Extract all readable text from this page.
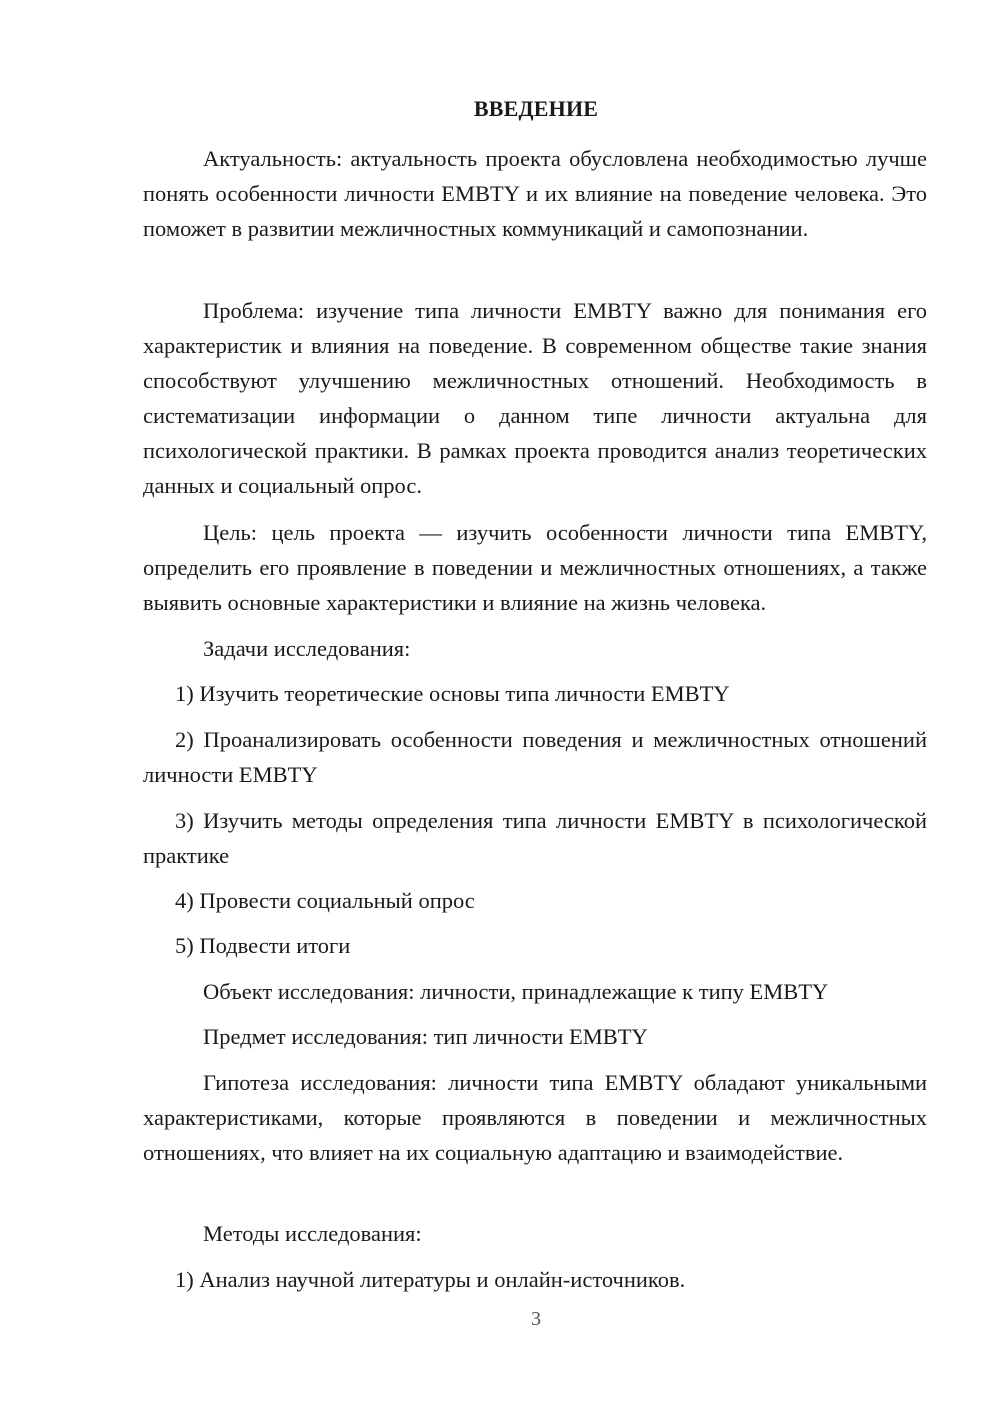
ВВЕДЕНИЕ

Актуальность: актуальность проекта обусловлена необходимостью лучше понять особенности личности EMBTY и их влияние на поведение человека. Это поможет в развитии межличностных коммуникаций и самопознании.

Проблема: изучение типа личности EMBTY важно для понимания его характеристик и влияния на поведение. В современном обществе такие знания способствуют улучшению межличностных отношений. Необходимость в систематизации информации о данном типе личности актуальна для психологической практики. В рамках проекта проводится анализ теоретических данных и социальный опрос.

Цель: цель проекта — изучить особенности личности типа EMBTY, определить его проявление в поведении и межличностных отношениях, а также выявить основные характеристики и влияние на жизнь человека.

Задачи исследования:

1) Изучить теоретические основы типа личности EMBTY

2) Проанализировать особенности поведения и межличностных отношений личности EMBTY

3) Изучить методы определения типа личности EMBTY в психологической практике

4) Провести социальный опрос

5) Подвести итоги

Объект исследования: личности, принадлежащие к типу EMBTY

Предмет исследования: тип личности EMBTY

Гипотеза исследования: личности типа EMBTY обладают уникальными характеристиками, которые проявляются в поведении и межличностных отношениях, что влияет на их социальную адаптацию и взаимодействие.

Методы исследования:

1) Анализ научной литературы и онлайн-источников.

3
